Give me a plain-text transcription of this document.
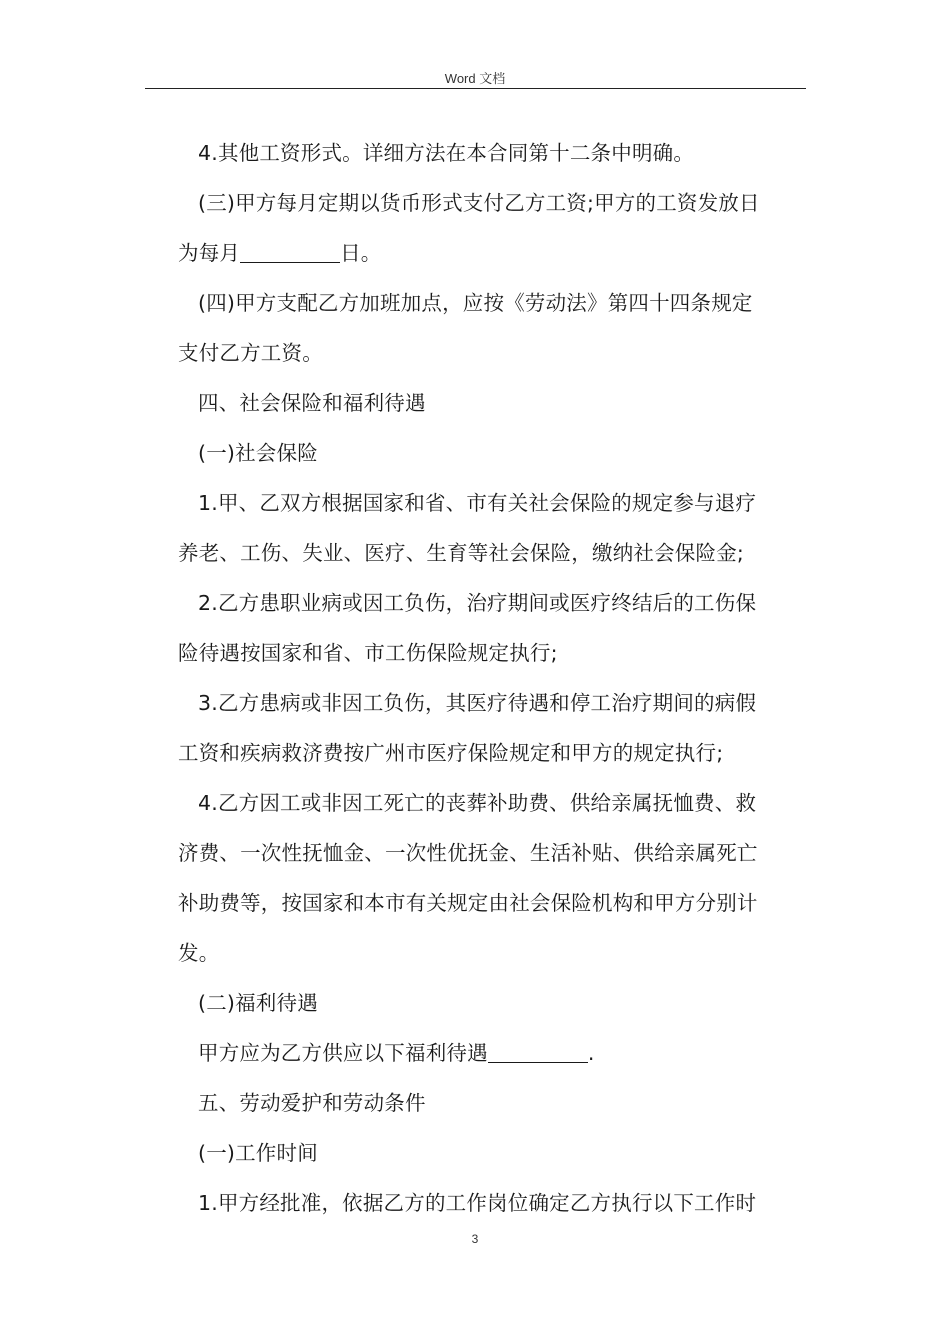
Word 文档

4.其他工资形式。详细方法在本合同第十二条中明确。

(三)甲方每月定期以货币形式支付乙方工资;甲方的工资发放日
为每月	日。

(四)甲方支配乙方加班加点，应按《劳动法》第四十四条规定
支付乙方工资。

四、社会保险和福利待遇

(一)社会保险

1.甲、乙双方根据国家和省、市有关社会保险的规定参与退疗
养老、工伤、失业、医疗、生育等社会保险，缴纳社会保险金;

2.乙方患职业病或因工负伤，治疗期间或医疗终结后的工伤保
险待遇按国家和省、市工伤保险规定执行;

3.乙方患病或非因工负伤，其医疗待遇和停工治疗期间的病假
工资和疾病救济费按广州市医疗保险规定和甲方的规定执行;

4.乙方因工或非因工死亡的丧葬补助费、供给亲属抚恤费、救
济费、一次性抚恤金、一次性优抚金、生活补贴、供给亲属死亡
补助费等，按国家和本市有关规定由社会保险机构和甲方分别计
发。

(二)福利待遇

甲方应为乙方供应以下福利待遇	.

五、劳动爱护和劳动条件

(一)工作时间

1.甲方经批准，依据乙方的工作岗位确定乙方执行以下工作时

3
